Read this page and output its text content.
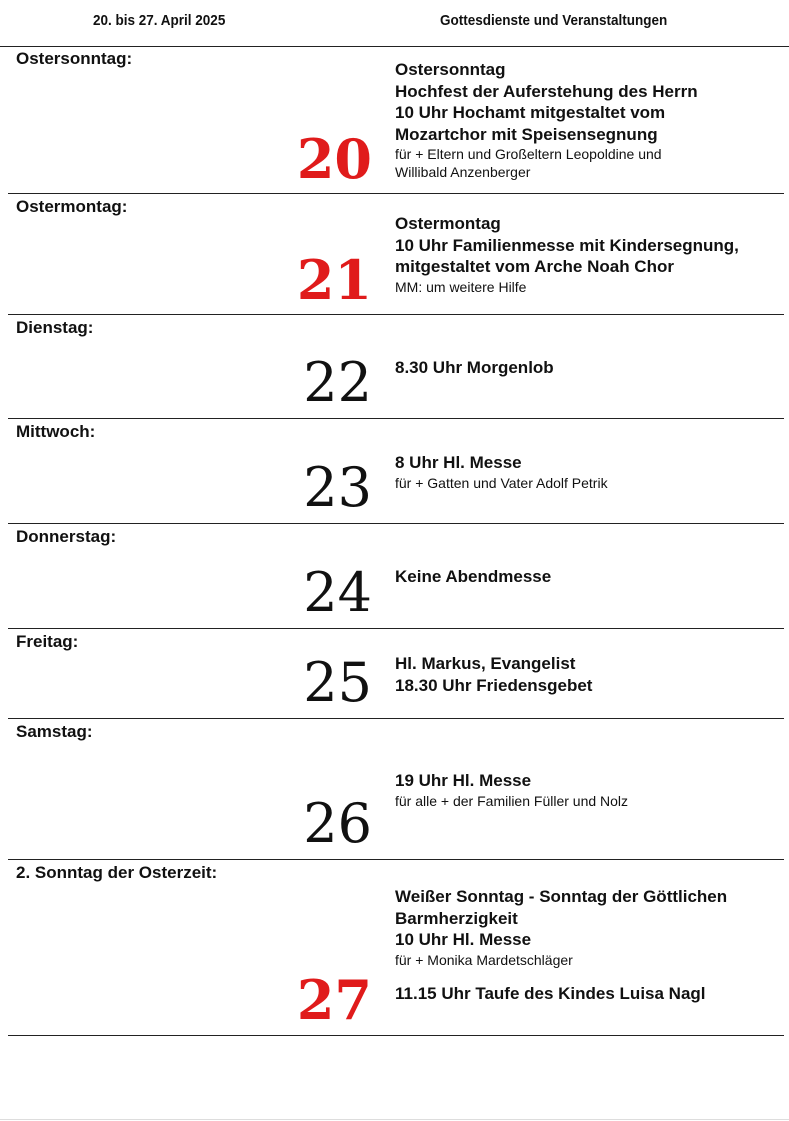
20. bis 27. April 2025	Gottesdienste und Veranstaltungen
Ostersonntag:
20
Ostersonntag
Hochfest der Auferstehung des Herrn
10 Uhr Hochamt mitgestaltet vom
Mozartchor mit Speisensegnung
für + Eltern und Großeltern Leopoldine und
Willibald Anzenberger
Ostermontag:
21
Ostermontag
10 Uhr Familienmesse mit Kindersegnung,
mitgestaltet vom Arche Noah Chor
MM: um weitere Hilfe
Dienstag:
22 8.30 Uhr Morgenlob
Mittwoch:
23 8 Uhr Hl. Messe
für + Gatten und Vater Adolf Petrik
Donnerstag:
24 Keine Abendmesse
Freitag:
25 Hl. Markus, Evangelist
18.30 Uhr Friedensgebet
Samstag:
26
19 Uhr Hl. Messe
für alle + der Familien Füller und Nolz
2. Sonntag der Osterzeit:
27
Weißer Sonntag - Sonntag der Göttlichen
Barmherzigkeit
10 Uhr Hl. Messe
für + Monika Mardetschläger
11.15 Uhr Taufe des Kindes Luisa Nagl
